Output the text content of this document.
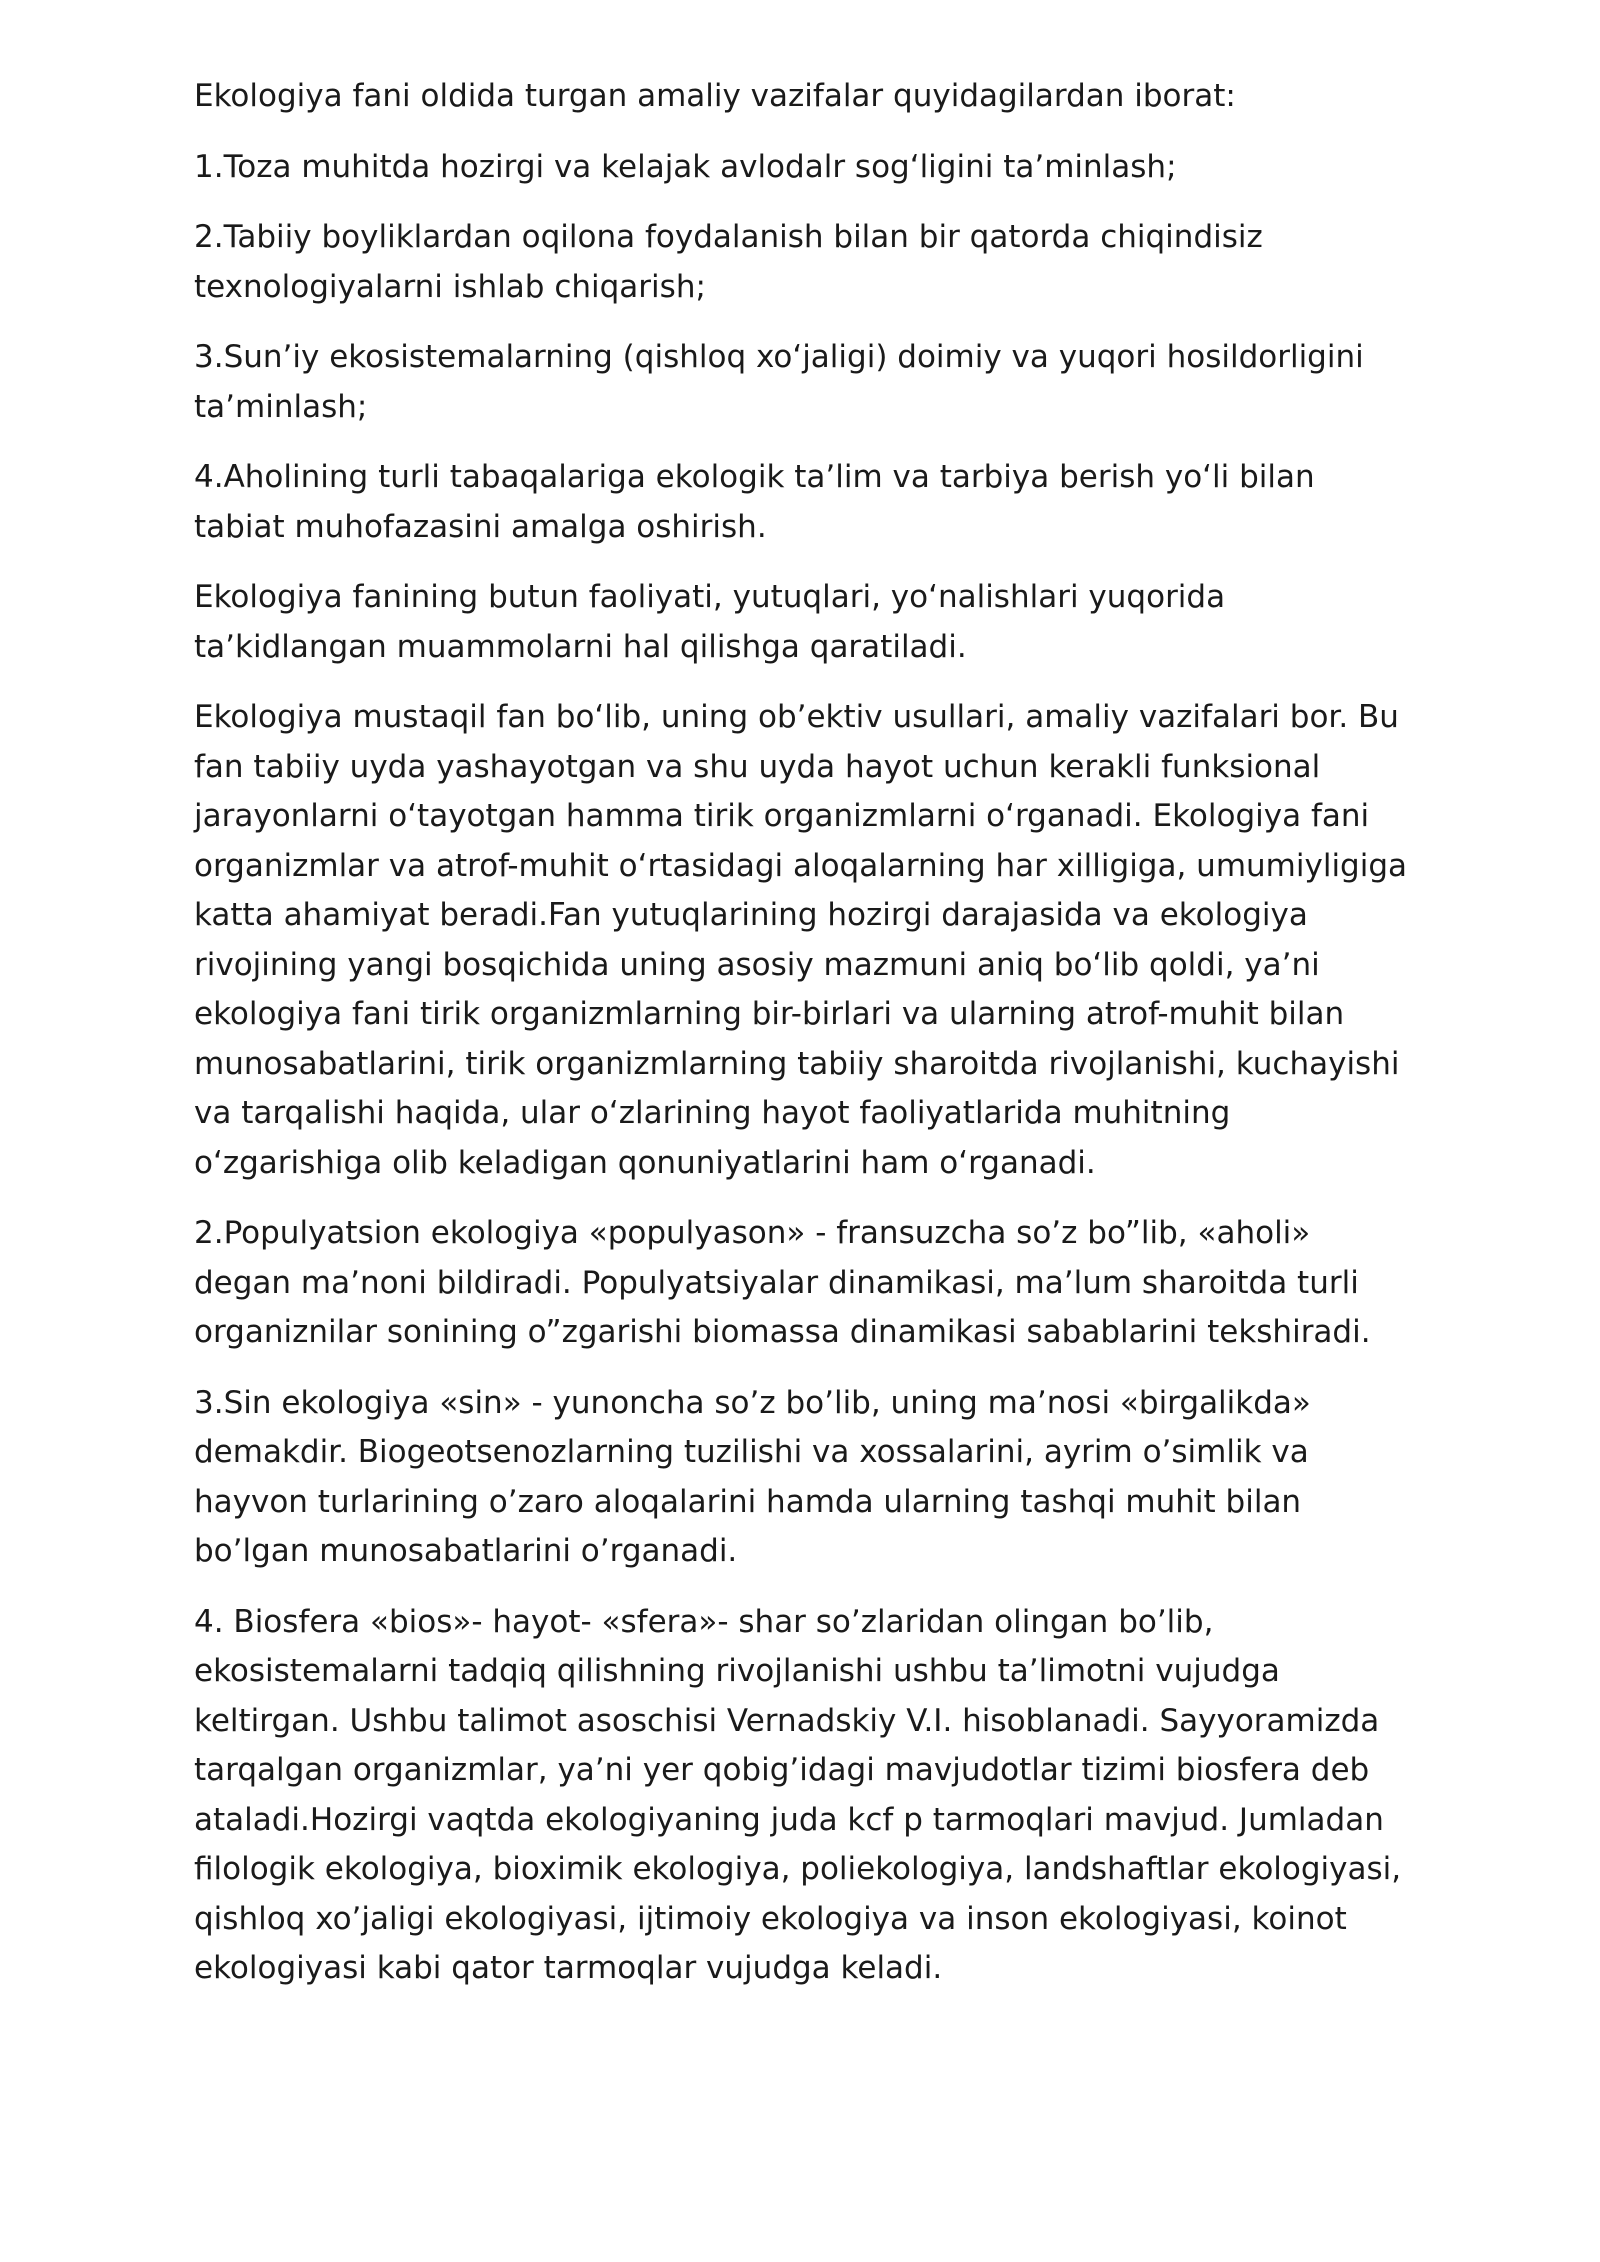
Ekologiya fani oldida turgan amaliy vazifalar quyidagilardan iborat:

1.Toza muhitda hozirgi va kelajak avlodalr sogʻligini taʼminlash;

2.Tabiiy boyliklardan oqilona foydalanish bilan bir qatorda chiqindisiz texnologiyalarni ishlab chiqarish;

3.Sunʼiy ekosistemalarning (qishloq xoʻjaligi) doimiy va yuqori hosildorligini taʼminlash;

4.Aholining turli tabaqalariga ekologik taʼlim va tarbiya berish yoʻli bilan tabiat muhofazasini amalga oshirish.

Ekologiya fanining butun faoliyati, yutuqlari, yoʻnalishlari yuqorida taʼkidlangan muammolarni hal qilishga qaratiladi.

Ekologiya mustaqil fan boʻlib, uning obʼektiv usullari, amaliy vazifalari bor. Bu fan tabiiy uyda yashayotgan va shu uyda hayot uchun kerakli funksional jarayonlarni oʻtayotgan hamma tirik organizmlarni oʻrganadi. Ekologiya fani organizmlar va atrof-muhit oʻrtasidagi aloqalarning har xilligiga, umumiyligiga katta ahamiyat beradi.Fan yutuqlarining hozirgi darajasida va ekologiya rivojining yangi bosqichida uning asosiy mazmuni aniq boʻlib qoldi, yaʼni ekologiya fani tirik organizmlarning bir-birlari va ularning atrof-muhit bilan munosabatlarini, tirik organizmlarning tabiiy sharoitda rivojlanishi, kuchayishi va tarqalishi haqida, ular oʻzlarining hayot faoliyatlarida muhitning oʻzgarishiga olib keladigan qonuniyatlarini ham oʻrganadi.

2.Populyatsion ekologiya «populyason» - fransuzcha so’z bo”lib, «aholi» degan ma’noni bildiradi. Populyatsiyalar dinamikasi, ma’lum sharoitda turli organiznilar sonining o”zgarishi biomassa dinamikasi sabablarini tekshiradi.

3.Sin ekologiya «sin» - yunoncha so’z bo’lib, uning ma’nosi «birgalikda» demakdir. Biogeotsenozlarning tuzilishi va xossalarini, ayrim o’simlik va hayvon turlarining o’zaro aloqalarini hamda ularning tashqi muhit bilan bo’lgan munosabatlarini o’rganadi.

4. Biosfera «bios»- hayot- «sfera»- shar so’zlaridan olingan bo’lib, ekosistemalarni tadqiq qilishning rivojlanishi ushbu ta’limotni vujudga keltirgan. Ushbu talimot asoschisi Vernadskiy V.I. hisoblanadi. Sayyoramizda tarqalgan organizmlar, ya’ni yer qobig’idagi mavjudotlar tizimi biosfera deb ataladi.Hozirgi vaqtda ekologiyaning juda kcf p tarmoqlari mavjud. Jumladan filologik ekologiya, bioximik ekologiya, poliekologiya, landshaftlar ekologiyasi, qishloq xo’jaligi ekologiyasi, ijtimoiy ekologiya va inson ekologiyasi, koinot ekologiyasi kabi qator tarmoqlar vujudga keladi.
